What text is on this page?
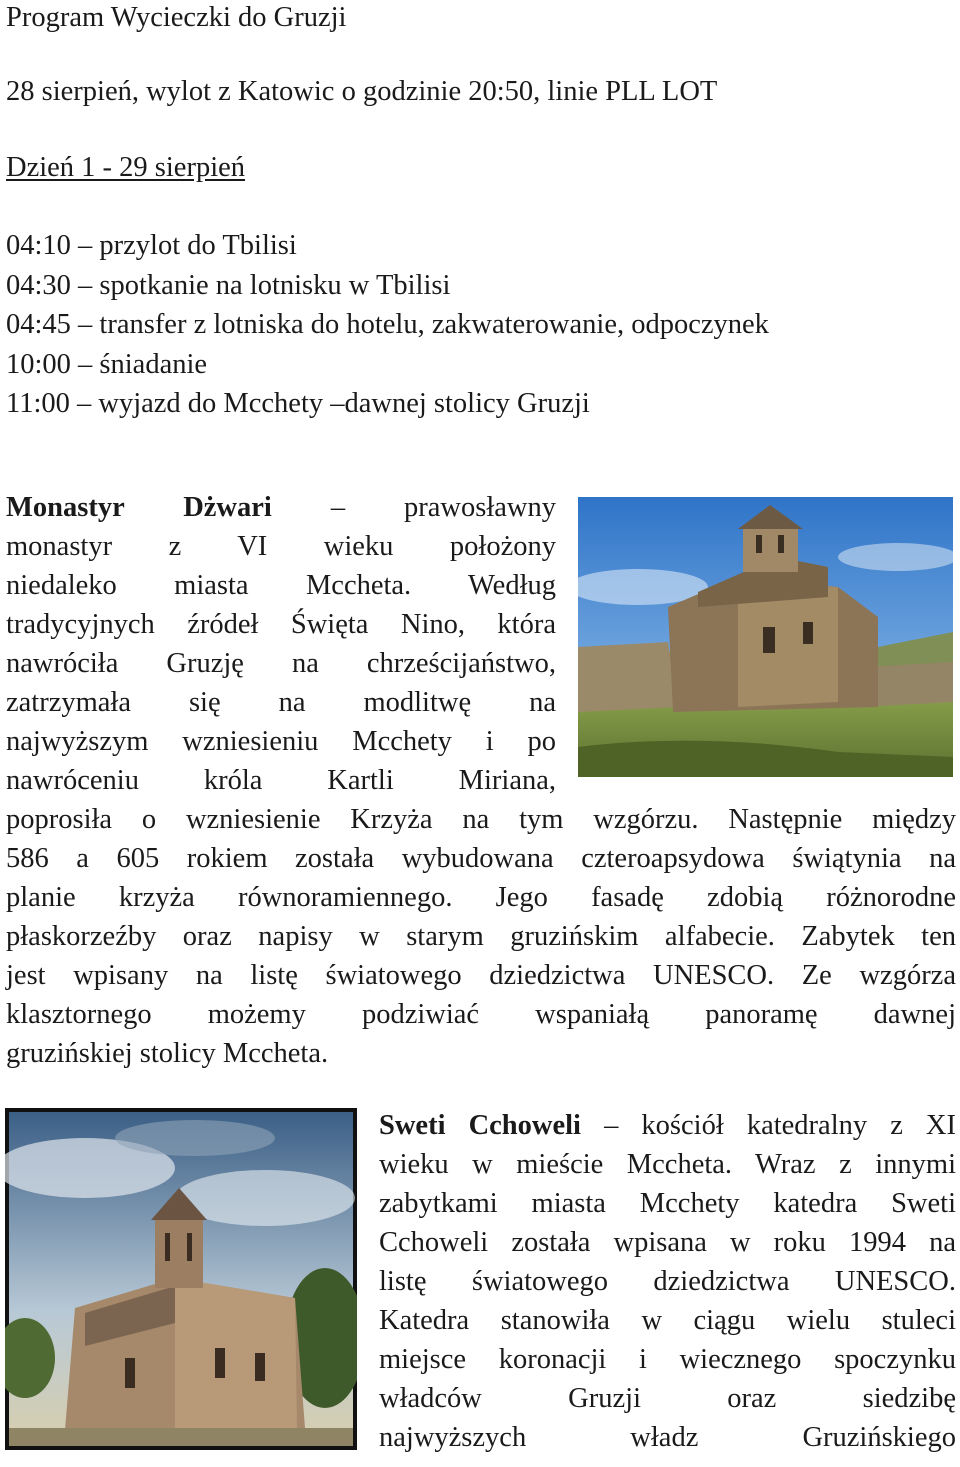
Program Wycieczki do Gruzji
28 sierpień, wylot z Katowic o godzinie 20:50, linie PLL LOT
Dzień 1 - 29 sierpień
04:10 – przylot do Tbilisi
04:30 – spotkanie na lotnisku w Tbilisi
04:45 – transfer z lotniska do hotelu, zakwaterowanie, odpoczynek
10:00 – śniadanie
11:00 – wyjazd do Mcchety –dawnej stolicy Gruzji
Monastyr Dżwari – prawosławny
monastyr z VI wieku położony
niedaleko miasta Mccheta. Według
tradycyjnych źródeł Święta Nino, która
nawróciła Gruzję na chrześcijaństwo,
zatrzymała się na modlitwę na
najwyższym wzniesieniu Mcchety i po
nawróceniu króla Kartli Miriana,
poprosiła o wzniesienie Krzyża na tym wzgórzu. Następnie między
586 a 605 rokiem została wybudowana czteroapsydowa świątynia na
planie krzyża równoramiennego. Jego fasadę zdobią różnorodne
płaskorzeźby oraz napisy w starym gruzińskim alfabecie. Zabytek ten
jest wpisany na listę światowego dziedzictwa UNESCO. Ze wzgórza
klasztornego możemy podziwiać wspaniałą panoramę dawnej
gruzińskiej stolicy Mccheta.
Sweti Cchoweli – kościół katedralny z XI
wieku w mieście Mccheta. Wraz z innymi
zabytkami miasta Mcchety katedra Sweti
Cchoweli została wpisana w roku 1994 na
listę światowego dziedzictwa UNESCO.
Katedra stanowiła w ciągu wielu stuleci
miejsce koronacji i wiecznego spoczynku
władców Gruzji oraz siedzibę
najwyższych władz Gruzińskiego
